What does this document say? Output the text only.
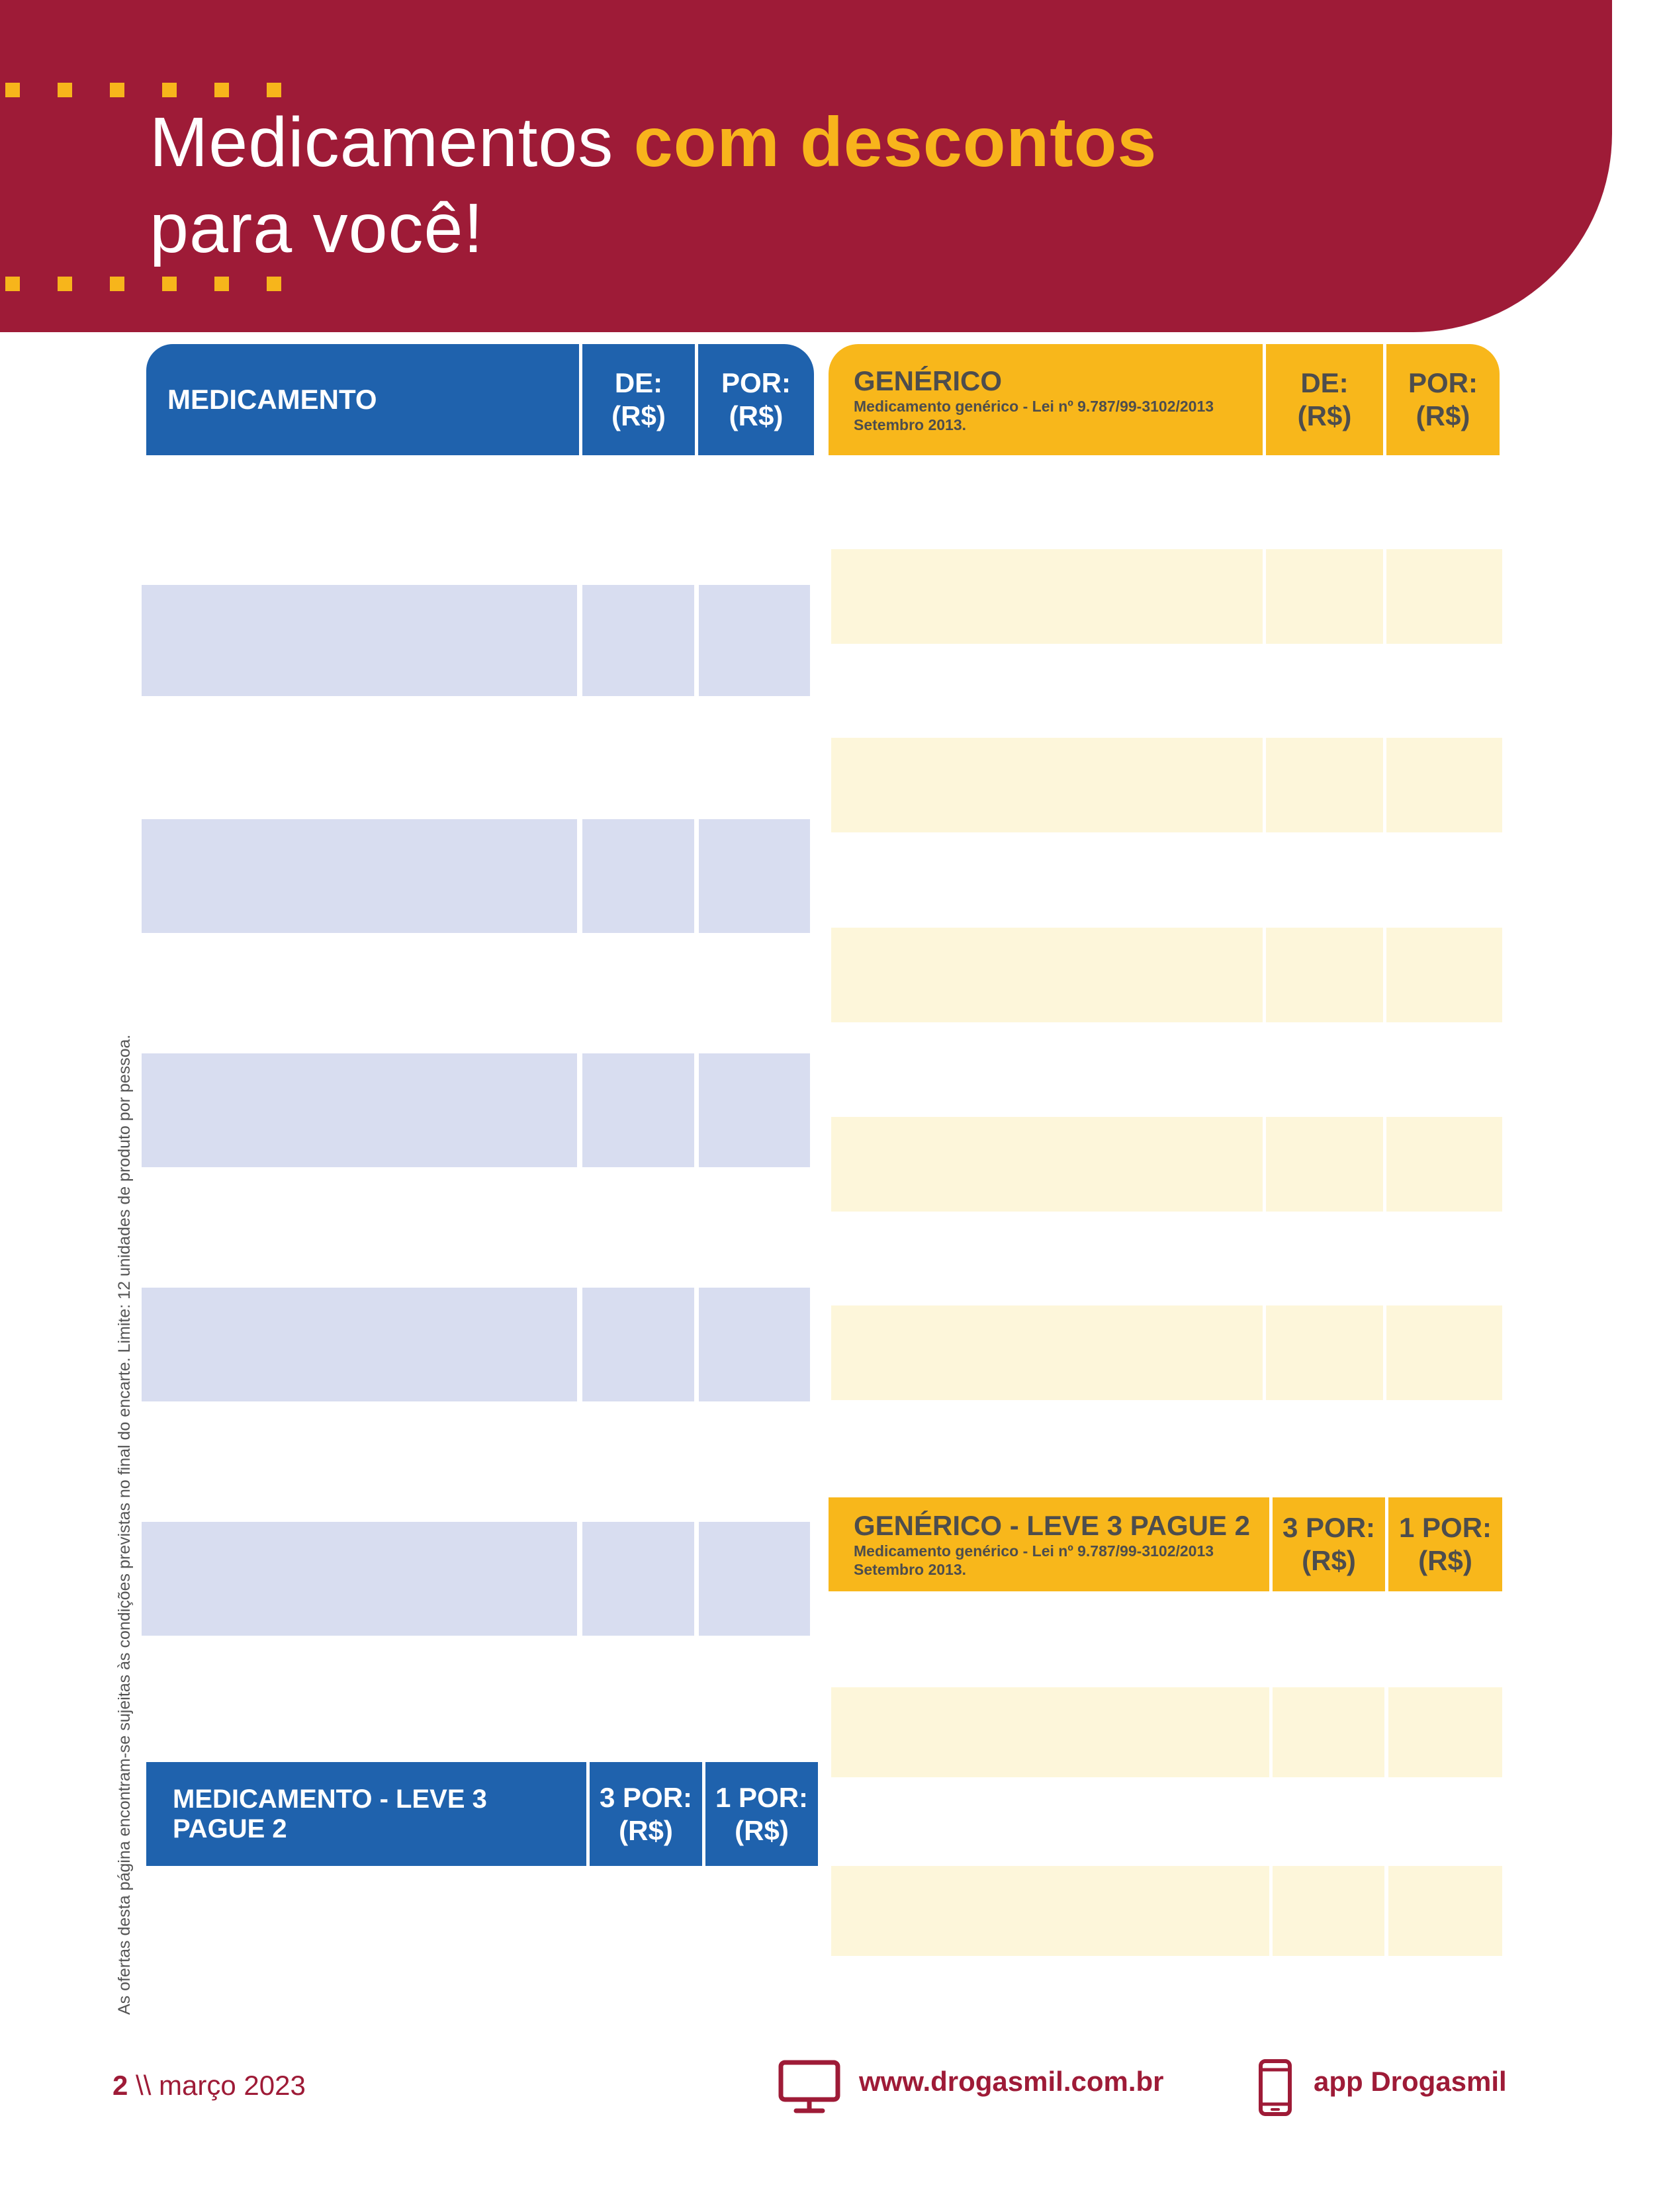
Medicamentos com descontos
para você!
MEDICAMENTO
DE:
(R$)
POR:
(R$)
GENÉRICO
Medicamento genérico - Lei nº 9.787/99-3102/2013
Setembro 2013.
DE:
(R$)
POR:
(R$)
GENÉRICO - LEVE 3 PAGUE 2
Medicamento genérico - Lei nº 9.787/99-3102/2013
Setembro 2013.
3 POR:
(R$)
1 POR:
(R$)
MEDICAMENTO - LEVE 3 PAGUE 2
3 POR:
(R$)
1 POR:
(R$)
As ofertas desta página encontram-se sujeitas às condições previstas no final do encarte. Limite: 12 unidades de produto por pessoa.
2 \\ março 2023	www.drogasmil.com.br	app Drogasmil
